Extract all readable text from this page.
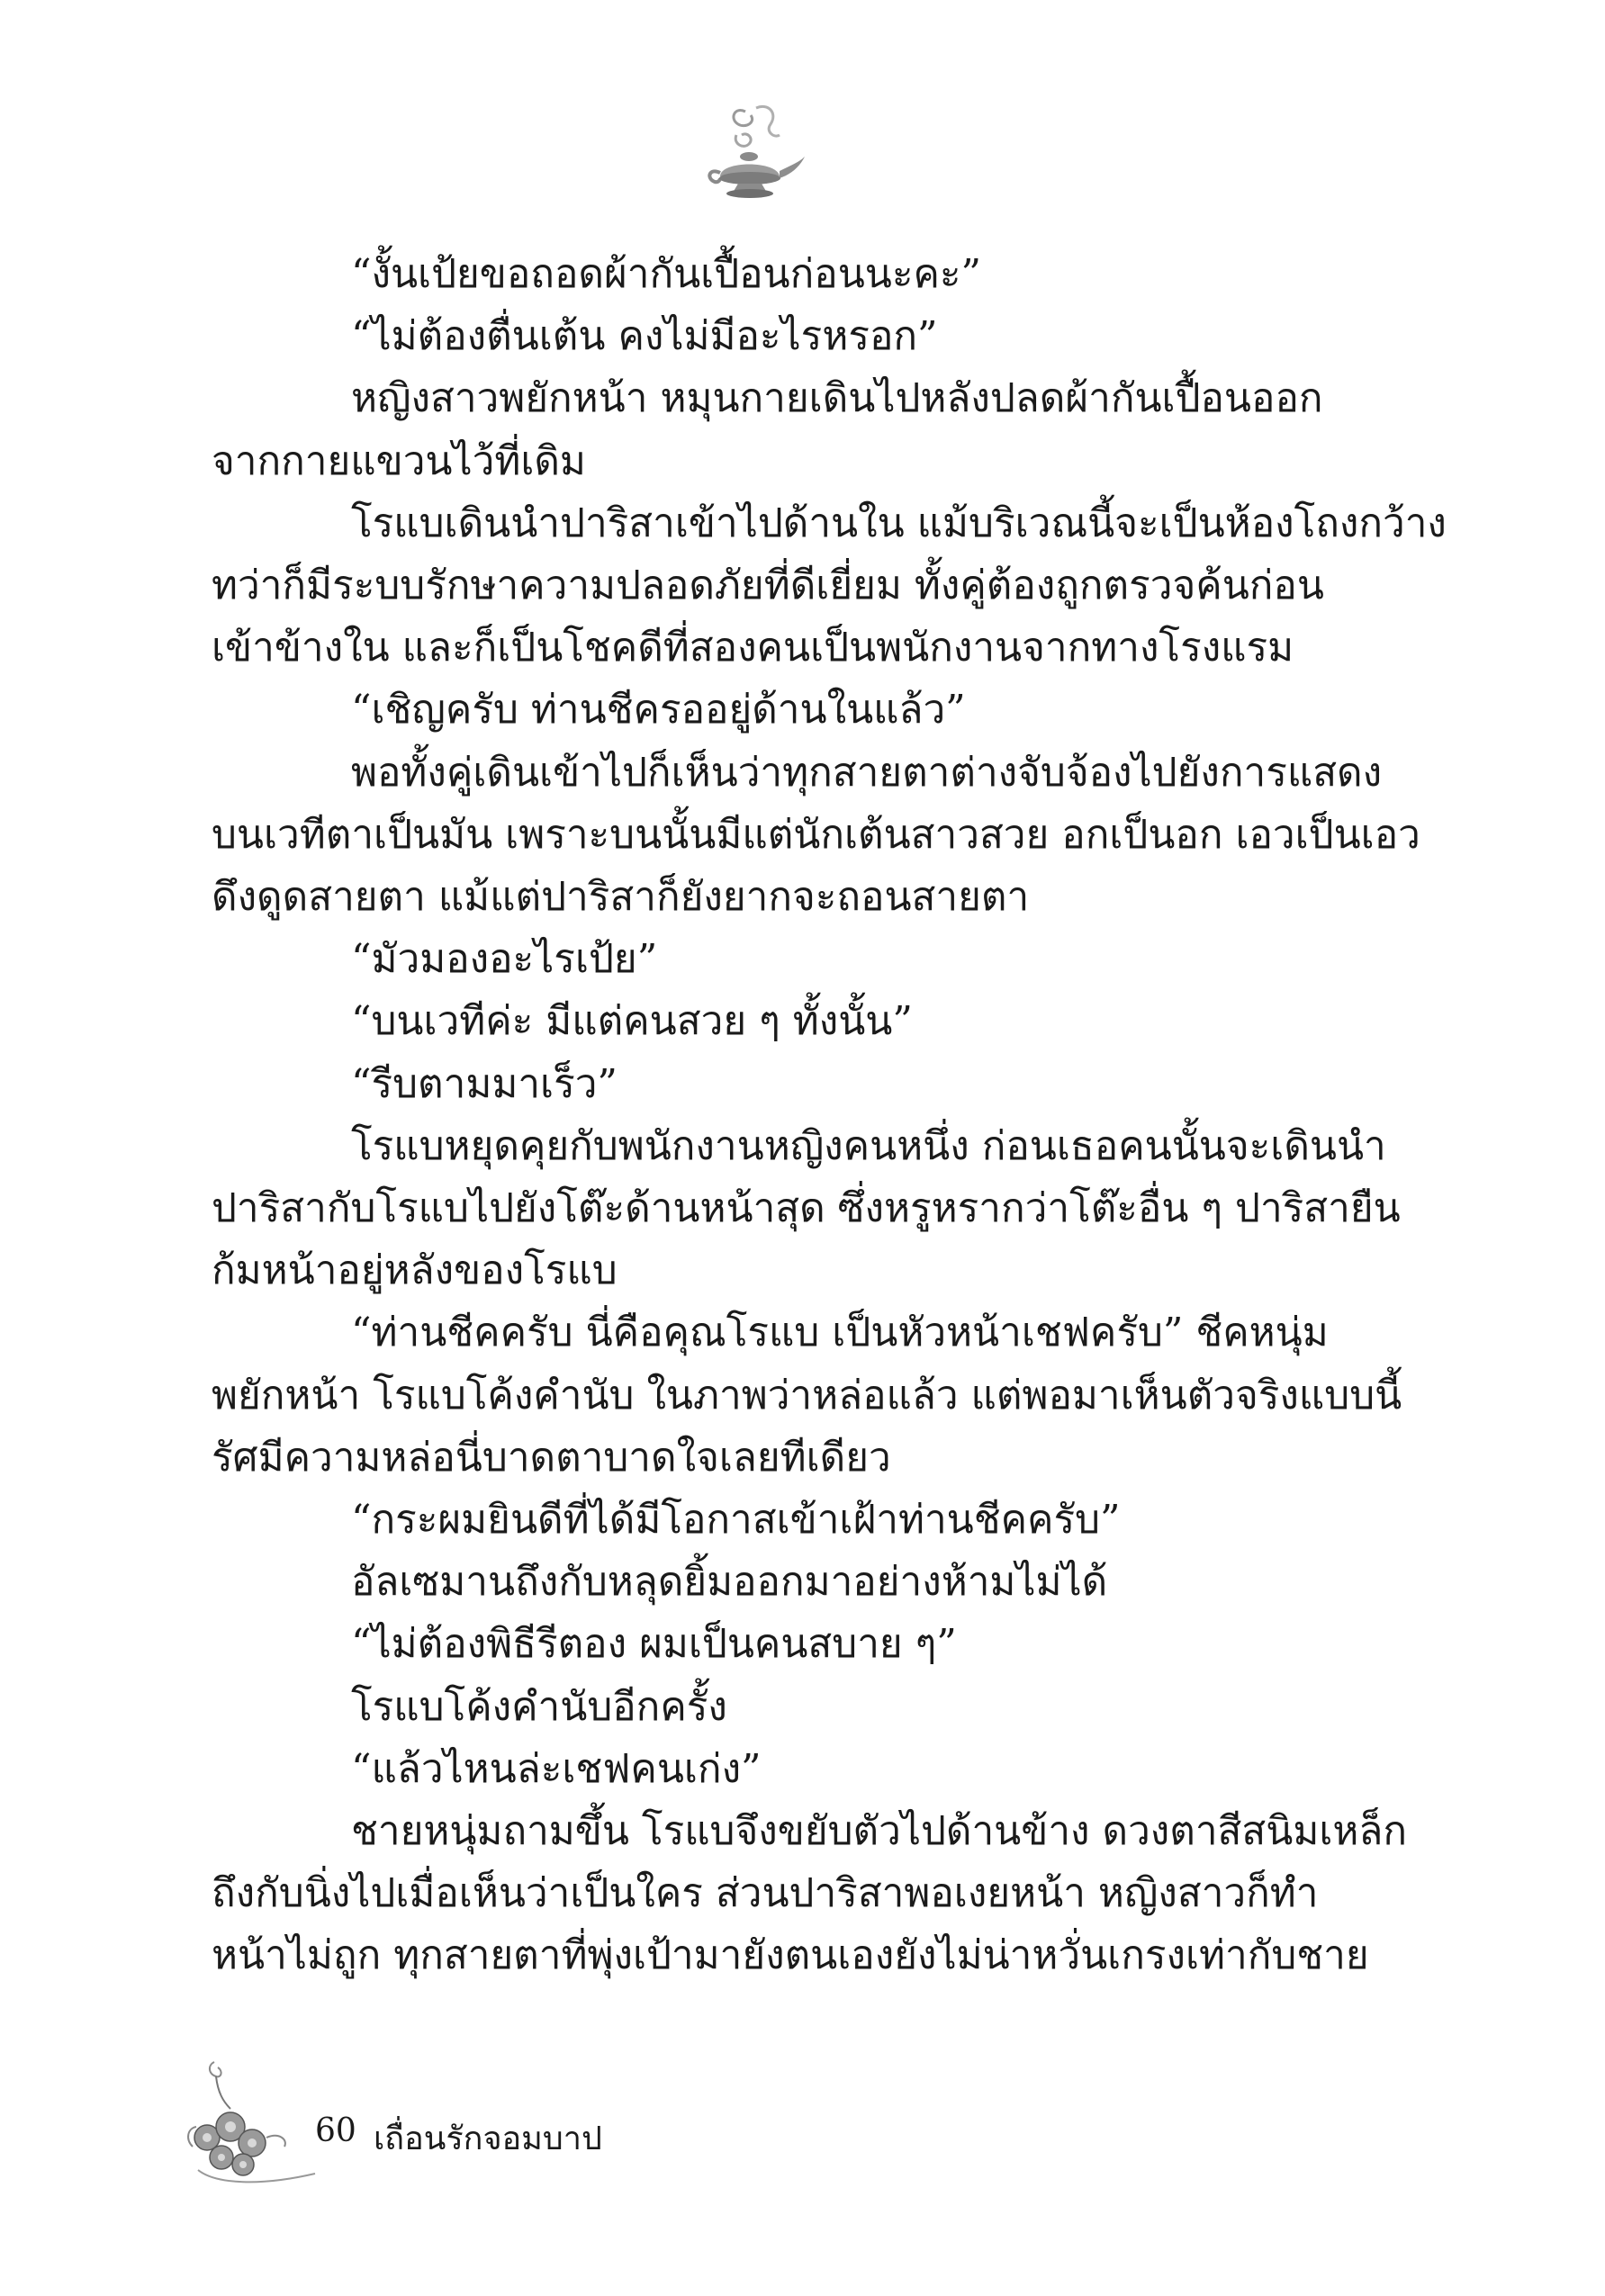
“งั้นเป้ยขอถอดผ้ากันเปื้อนก่อนนะคะ”

“ไม่ต้องตื่นเต้น คงไม่มีอะไรหรอก”

หญิงสาวพยักหน้า หมุนกายเดินไปหลังปลดผ้ากันเปื้อนออก

จากกายแขวนไว้ที่เดิม

โรแบเดินนำปาริสาเข้าไปด้านใน แม้บริเวณนี้จะเป็นห้องโถงกว้าง

ทว่าก็มีระบบรักษาความปลอดภัยที่ดีเยี่ยม ทั้งคู่ต้องถูกตรวจค้นก่อน

เข้าข้างใน และก็เป็นโชคดีที่สองคนเป็นพนักงานจากทางโรงแรม

“เชิญครับ ท่านชีครออยู่ด้านในแล้ว”

พอทั้งคู่เดินเข้าไปก็เห็นว่าทุกสายตาต่างจับจ้องไปยังการแสดง

บนเวทีตาเป็นมัน เพราะบนนั้นมีแต่นักเต้นสาวสวย อกเป็นอก เอวเป็นเอว

ดึงดูดสายตา แม้แต่ปาริสาก็ยังยากจะถอนสายตา

“มัวมองอะไรเป้ย”

“บนเวทีค่ะ มีแต่คนสวย ๆ ทั้งนั้น”

“รีบตามมาเร็ว”

โรแบหยุดคุยกับพนักงานหญิงคนหนึ่ง ก่อนเธอคนนั้นจะเดินนำ

ปาริสากับโรแบไปยังโต๊ะด้านหน้าสุด ซึ่งหรูหรากว่าโต๊ะอื่น ๆ ปาริสายืน

ก้มหน้าอยู่หลังของโรแบ

“ท่านชีคครับ นี่คือคุณโรแบ เป็นหัวหน้าเชฟครับ” ชีคหนุ่ม

พยักหน้า โรแบโค้งคำนับ ในภาพว่าหล่อแล้ว แต่พอมาเห็นตัวจริงแบบนี้

รัศมีความหล่อนี่บาดตาบาดใจเลยทีเดียว

“กระผมยินดีที่ได้มีโอกาสเข้าเฝ้าท่านชีคครับ”

อัลเซมานถึงกับหลุดยิ้มออกมาอย่างห้ามไม่ได้

“ไม่ต้องพิธีรีตอง ผมเป็นคนสบาย ๆ”

โรแบโค้งคำนับอีกครั้ง

“แล้วไหนล่ะเชฟคนเก่ง”

ชายหนุ่มถามขึ้น โรแบจึงขยับตัวไปด้านข้าง ดวงตาสีสนิมเหล็ก

ถึงกับนิ่งไปเมื่อเห็นว่าเป็นใคร ส่วนปาริสาพอเงยหน้า หญิงสาวก็ทำ

หน้าไม่ถูก ทุกสายตาที่พุ่งเป้ามายังตนเองยังไม่น่าหวั่นเกรงเท่ากับชาย

60 เถื่อนรักจอมบาป
